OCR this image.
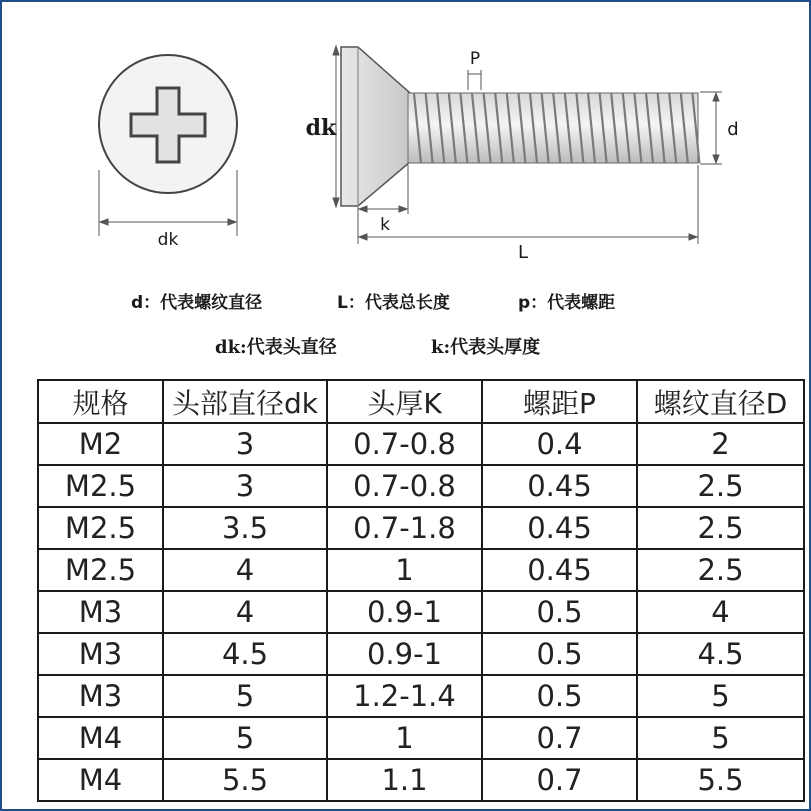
dk
P
dk	d
k
L
d：代表螺纹直径	L：代表总长度	p：代表螺距
dk:代表头直径	k:代表头厚度
规格	头部直径dk	头厚K	螺距P	螺纹直径D
M2	3	0.7-0.8	0.4	2
M2.5	3	0.7-0.8	0.45	2.5
M2.5	3.5	0.7-1.8	0.45	2.5
M2.5	4	1	0.45	2.5
M3	4	0.9-1	0.5	4
M3	4.5	0.9-1	0.5	4.5
M3	5	1.2-1.4	0.5	5
M4	5	1	0.7	5
M4	5.5	1.1	0.7	5.5
